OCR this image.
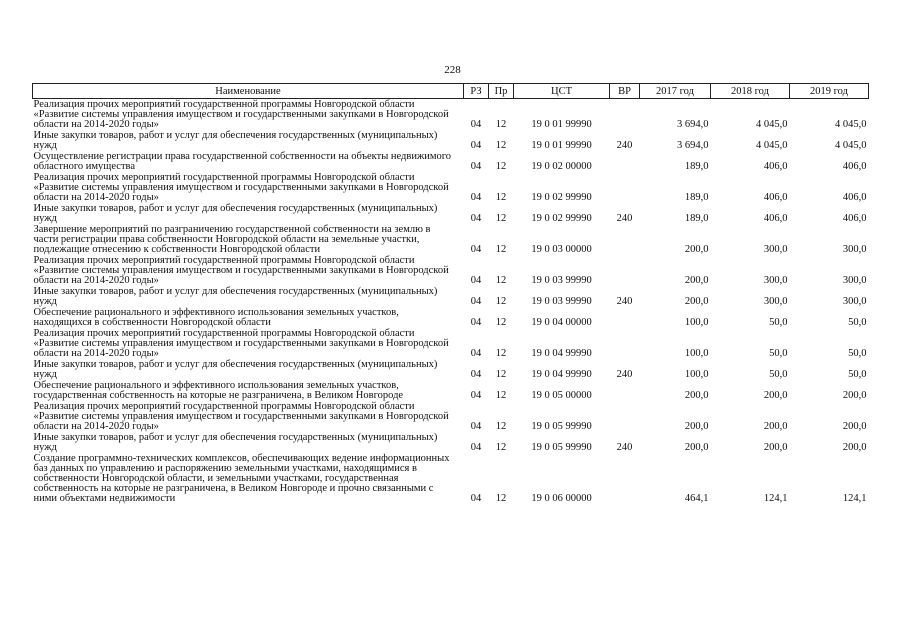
228
Наименование	РЗ	Пр	ЦСТ	ВР	2017 год	2018 год	2019 год
Реализация прочих мероприятий государственной программы Новгородской области «Развитие системы управления имуществом и государственными закупками в Новгородской области на 2014-2020 годы»	04	12	19 0 01 99990		3 694,0	4 045,0	4 045,0
Иные закупки товаров, работ и услуг для обеспечения государственных (муниципальных) нужд	04	12	19 0 01 99990	240	3 694,0	4 045,0	4 045,0
Осуществление регистрации права государственной собственности на объекты недвижимого областного имущества	04	12	19 0 02 00000		189,0	406,0	406,0
Реализация прочих мероприятий государственной программы Новгородской области «Развитие системы управления имуществом и государственными закупками в Новгородской области на 2014-2020 годы»	04	12	19 0 02 99990		189,0	406,0	406,0
Иные закупки товаров, работ и услуг для обеспечения государственных (муниципальных) нужд	04	12	19 0 02 99990	240	189,0	406,0	406,0
Завершение мероприятий по разграничению государственной собственности на землю в части регистрации права собственности Новгородской области на земельные участки, подлежащие отнесению к собственности Новгородской области	04	12	19 0 03 00000		200,0	300,0	300,0
Реализация прочих мероприятий государственной программы Новгородской области «Развитие системы управления имуществом и государственными закупками в Новгородской области на 2014-2020 годы»	04	12	19 0 03 99990		200,0	300,0	300,0
Иные закупки товаров, работ и услуг для обеспечения государственных (муниципальных) нужд	04	12	19 0 03 99990	240	200,0	300,0	300,0
Обеспечение рационального и эффективного использования земельных участков, находящихся в собственности Новгородской области	04	12	19 0 04 00000		100,0	50,0	50,0
Реализация прочих мероприятий государственной программы Новгородской области «Развитие системы управления имуществом и государственными закупками в Новгородской области на 2014-2020 годы»	04	12	19 0 04 99990		100,0	50,0	50,0
Иные закупки товаров, работ и услуг для обеспечения государственных (муниципальных) нужд	04	12	19 0 04 99990	240	100,0	50,0	50,0
Обеспечение рационального и эффективного использования земельных участков, государственная собственность на которые не разграничена, в Великом Новгороде	04	12	19 0 05 00000		200,0	200,0	200,0
Реализация прочих мероприятий государственной программы Новгородской области «Развитие системы управления имуществом и государственными закупками в Новгородской области на 2014-2020 годы»	04	12	19 0 05 99990		200,0	200,0	200,0
Иные закупки товаров, работ и услуг для обеспечения государственных (муниципальных) нужд	04	12	19 0 05 99990	240	200,0	200,0	200,0
Создание программно-технических комплексов, обеспечивающих ведение информационных баз данных по управлению и распоряжению земельными участками, находящимися в собственности Новгородской области, и земельными участками, государственная собственность на которые не разграничена, в Великом Новгороде и прочно связанными с ними объектами недвижимости	04	12	19 0 06 00000		464,1	124,1	124,1
